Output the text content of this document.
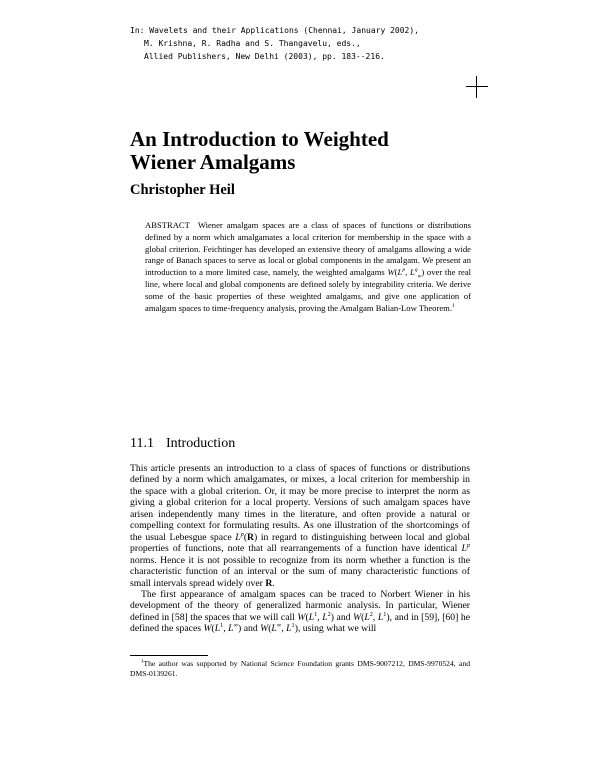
In: Wavelets and their Applications (Chennai, January 2002),
M. Krishna, R. Radha and S. Thangavelu, eds.,
Allied Publishers, New Delhi (2003), pp. 183--216.
An Introduction to Weighted
Wiener Amalgams
Christopher Heil
ABSTRACT Wiener amalgam spaces are a class of spaces of functions or distributions defined by a norm which amalgamates a local criterion for membership in the space with a global criterion. Feichtinger has developed an extensive theory of amalgams allowing a wide range of Banach spaces to serve as local or global components in the amalgam. We present an introduction to a more limited case, namely, the weighted amalgams $W(L^p$, $L^q_w$) over the real line, where local and global components are defined solely by integrability criteria. We derive some of the basic properties of these weighted amalgams, and give one application of amalgam spaces to time-frequency analysis, proving the Amalgam Balian-Low Theorem.$^1$
11.1 Introduction

This article presents an introduction to a class of spaces of functions or distributions defined by a norm which amalgamates, or mixes, a local criterion for membership in the space with a global criterion. Or, it may be more precise to interpret the norm as giving a global criterion for a local property. Versions of such amalgam spaces have arisen independently many times in the literature, and often provide a natural or compelling context for formulating results. As one illustration of the shortcomings of the usual Lebesgue space $L^p(R)$ in regard to distinguishing between local and global properties of functions, note that all rearrangements of a function have identical $L^p$ norms. Hence it is not possible to recognize from its norm whether a function is the characteristic function of an interval or the sum of many characteristic functions of small intervals spread widely over R.

The first appearance of amalgam spaces can be traced to Norbert Wiener in his development of the theory of generalized harmonic analysis. In particular, Wiener defined in [58] the spaces that we will call $W(L^1$, $L^2$) and $W(L^2$, $L^1$), and in [59], [60] he defined the spaces $W(L^1$, L∞) and W(L∞, $L^1$), using what we will

$^1$The author was supported by National Science Foundation grants DMS-9007212, DMS-9970524, and DMS-0139261.
